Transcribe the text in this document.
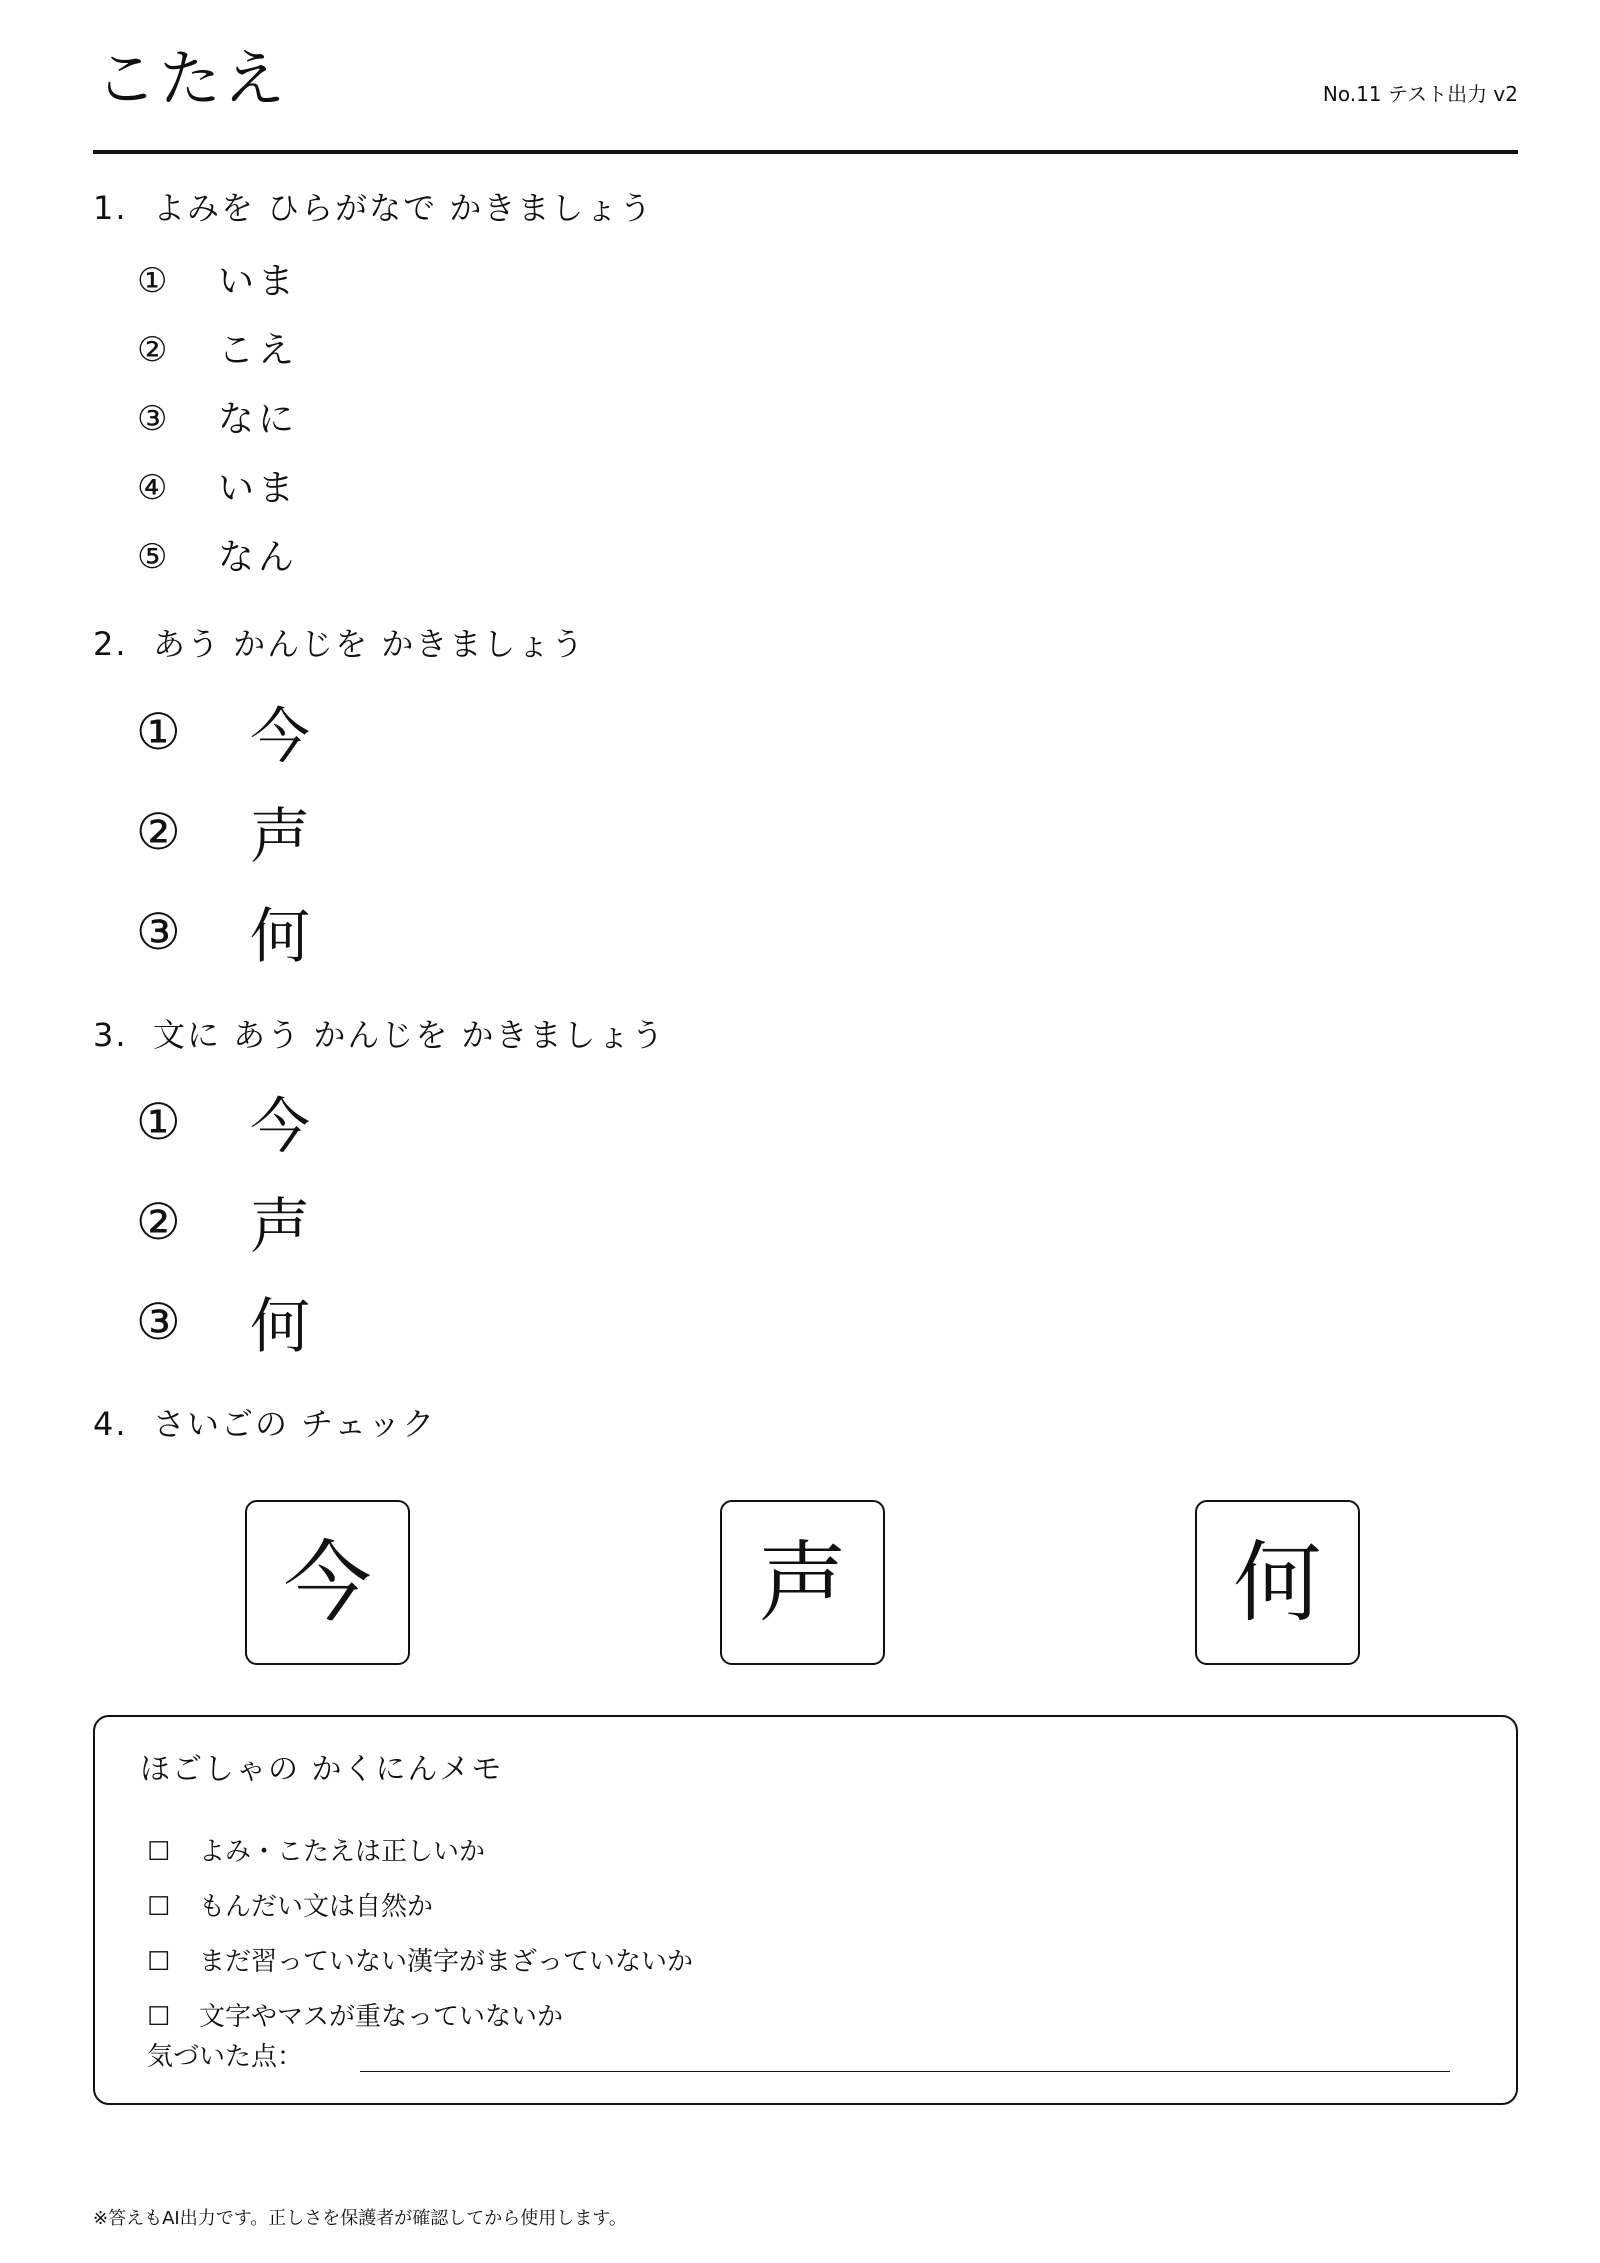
こたえ	No.11 テスト出力 v2
1. よみを ひらがなで かきましょう
① いま
② こえ
③ なに
④ いま
⑤ なん
2. あう かんじを かきましょう
① 今
② 声
③ 何
3. 文に あう かんじを かきましょう
① 今
② 声
③ 何
4. さいごの チェック
今	声	何
ほごしゃの かくにんメモ
☐ よみ・こたえは正しいか
☐ もんだい文は自然か
☐ まだ習っていない漢字がまざっていないか
☐ 文字やマスが重なっていないか
気づいた点：
※答えもAI出力です。正しさを保護者が確認してから使用します。
